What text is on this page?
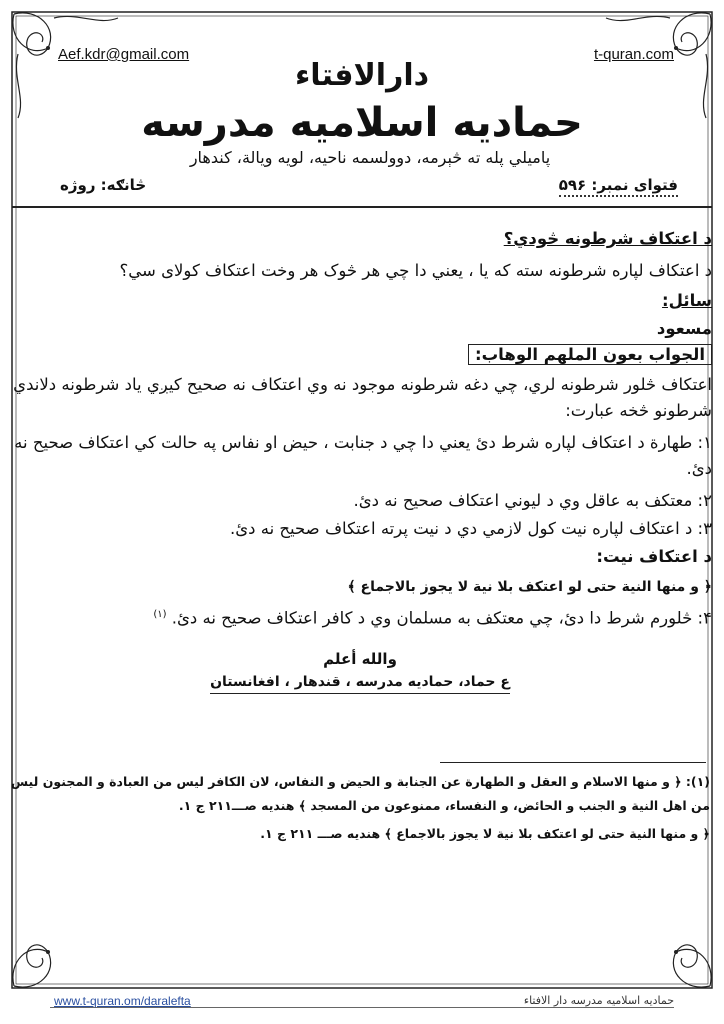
Aef.kdr@gmail.com	t-quran.com
دارالافتاء
حماديه اسلاميه مدرسه
پاميلي پله ته څېرمه، دوولسمه ناحيه، لويه ويالة، کندهار
فتواى نمبر: ۵۹۶
څانګه: روژه
د اعتکاف شرطونه څودي؟
د اعتکاف لپاره شرطونه سته که يا ، يعني دا چي هر څوک هر وخت اعتکاف کولای سي؟
سائل:
مسعود
الجواب بعون الملهم الوهاب:
اعتکاف څلور شرطونه لري، چي دغه شرطونه موجود نه وي اعتکاف نه صحيح کيږي ياد شرطونه دلاندي شرطونو څخه عبارت:
۱: طهارة د اعتکاف لپاره شرط دئ يعني دا چي د جنابت ، حيض او نفاس په حالت کي اعتکاف صحيح نه دئ.
۲: معتکف به عاقل وي د ليوني اعتکاف صحيح نه دئ.
۳: د اعتکاف لپاره نيت کول لازمي دي د نيت پرته اعتکاف صحيح نه دئ.
د اعتکاف نيت:
﴿ و منها النية حتى لو اعتكف بلا نية لا يجوز بالاجماع ﴾
۴: څلورم شرط دا دئ، چي معتکف به مسلمان وي د کافر اعتکاف صحيح نه دئ. $^{(۱)}$
والله أعلم
ع حماد، حماديه مدرسه ، قندهار ، افغانستان
(۱): ﴿ و منها الاسلام و العقل و الطهارة عن الجنابة و الحيض و النفاس، لان الكافر ليس من العبادة و المجنون ليس من اهل النية و الجنب و الحائض، و النفساء، ممنوعون من المسجد ﴾ هنديه صـــ۲۱۱ ج ۱.
﴿ و منها النية حتى لو اعتكف بلا نية لا يجوز بالاجماع ﴾ هنديه صـــ ۲۱۱ ج ۱.
www.t-quran.om/daralefta	حماديه اسلاميه مدرسه دار الافتاء
